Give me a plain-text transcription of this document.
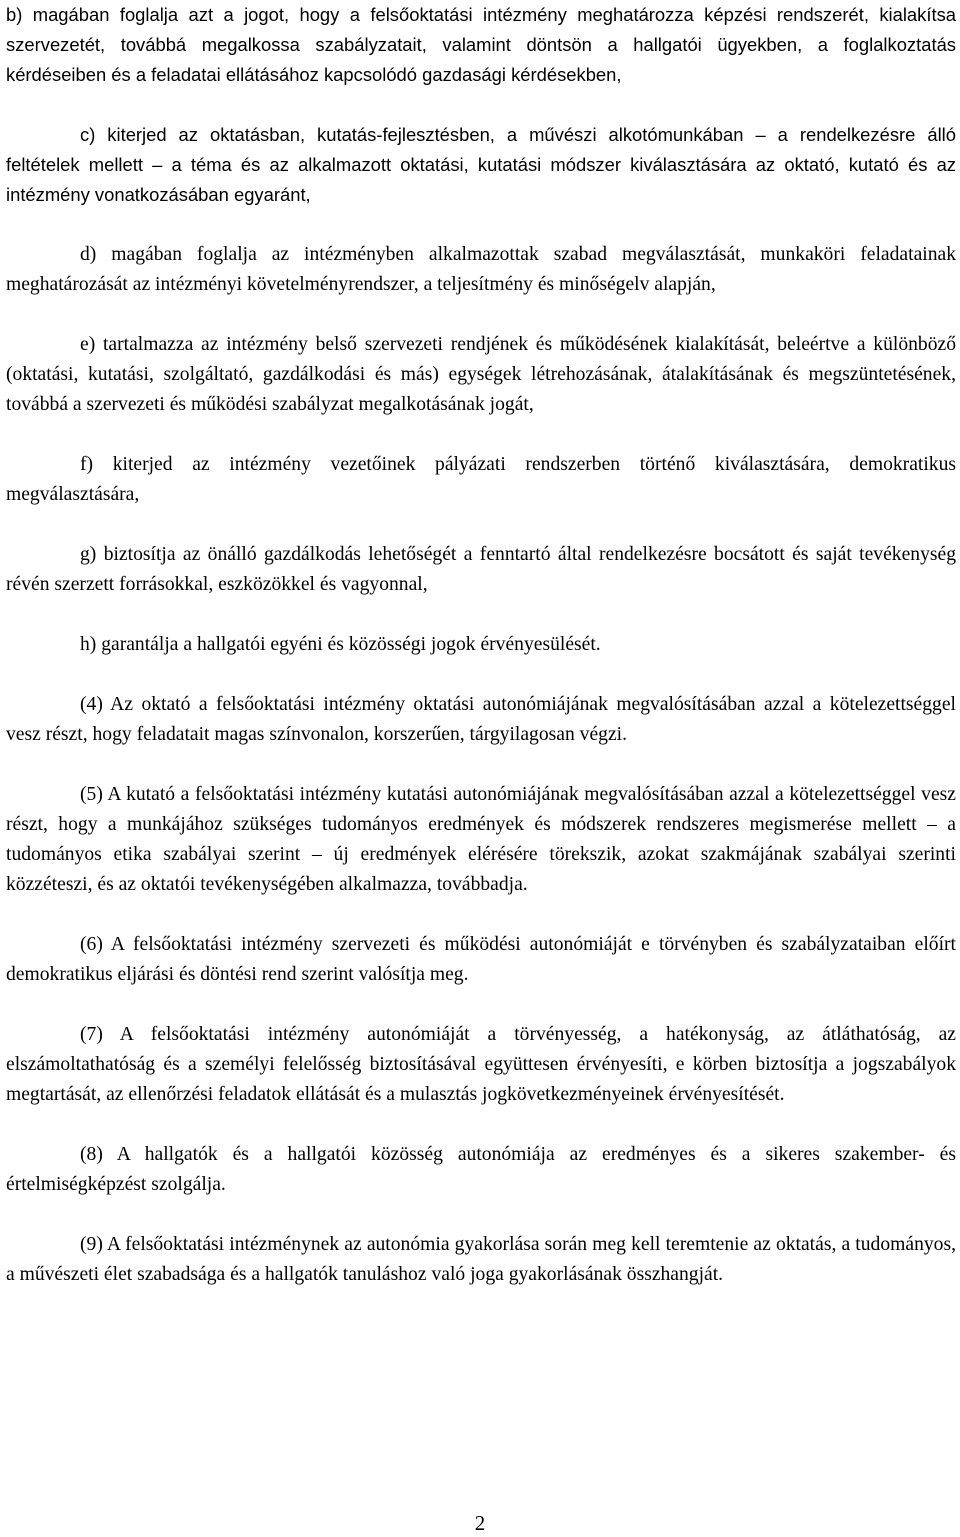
b) magában foglalja azt a jogot, hogy a felsőoktatási intézmény meghatározza képzési rendszerét, kialakítsa szervezetét, továbbá megalkossa szabályzatait, valamint döntsön a hallgatói ügyekben, a foglalkoztatás kérdéseiben és a feladatai ellátásához kapcsolódó gazdasági kérdésekben,

c) kiterjed az oktatásban, kutatás-fejlesztésben, a művészi alkotómunkában – a rendelkezésre álló feltételek mellett – a téma és az alkalmazott oktatási, kutatási módszer kiválasztására az oktató, kutató és az intézmény vonatkozásában egyaránt,

d) magában foglalja az intézményben alkalmazottak szabad megválasztását, munkaköri feladatainak meghatározását az intézményi követelményrendszer, a teljesítmény és minőségelv alapján,

e) tartalmazza az intézmény belső szervezeti rendjének és működésének kialakítását, beleértve a különböző (oktatási, kutatási, szolgáltató, gazdálkodási és más) egységek létrehozásának, átalakításának és megszüntetésének, továbbá a szervezeti és működési szabályzat megalkotásának jogát,

f) kiterjed az intézmény vezetőinek pályázati rendszerben történő kiválasztására, demokratikus megválasztására,

g) biztosítja az önálló gazdálkodás lehetőségét a fenntartó által rendelkezésre bocsátott és saját tevékenység révén szerzett forrásokkal, eszközökkel és vagyonnal,

h) garantálja a hallgatói egyéni és közösségi jogok érvényesülését.

(4) Az oktató a felsőoktatási intézmény oktatási autonómiájának megvalósításában azzal a kötelezettséggel vesz részt, hogy feladatait magas színvonalon, korszerűen, tárgyilagosan végzi.

(5) A kutató a felsőoktatási intézmény kutatási autonómiájának megvalósításában azzal a kötelezettséggel vesz részt, hogy a munkájához szükséges tudományos eredmények és módszerek rendszeres megismerése mellett – a tudományos etika szabályai szerint – új eredmények elérésére törekszik, azokat szakmájának szabályai szerinti közzéteszi, és az oktatói tevékenységében alkalmazza, továbbadja.

(6) A felsőoktatási intézmény szervezeti és működési autonómiáját e törvényben és szabályzataiban előírt demokratikus eljárási és döntési rend szerint valósítja meg.

(7) A felsőoktatási intézmény autonómiáját a törvényesség, a hatékonyság, az átláthatóság, az elszámoltathatóság és a személyi felelősség biztosításával együttesen érvényesíti, e körben biztosítja a jogszabályok megtartását, az ellenőrzési feladatok ellátását és a mulasztás jogkövetkezményeinek érvényesítését.

(8) A hallgatók és a hallgatói közösség autonómiája az eredményes és a sikeres szakember- és értelmiségképzést szolgálja.

(9) A felsőoktatási intézménynek az autonómia gyakorlása során meg kell teremtenie az oktatás, a tudományos, a művészeti élet szabadsága és a hallgatók tanuláshoz való joga gyakorlásának összhangját.

2
